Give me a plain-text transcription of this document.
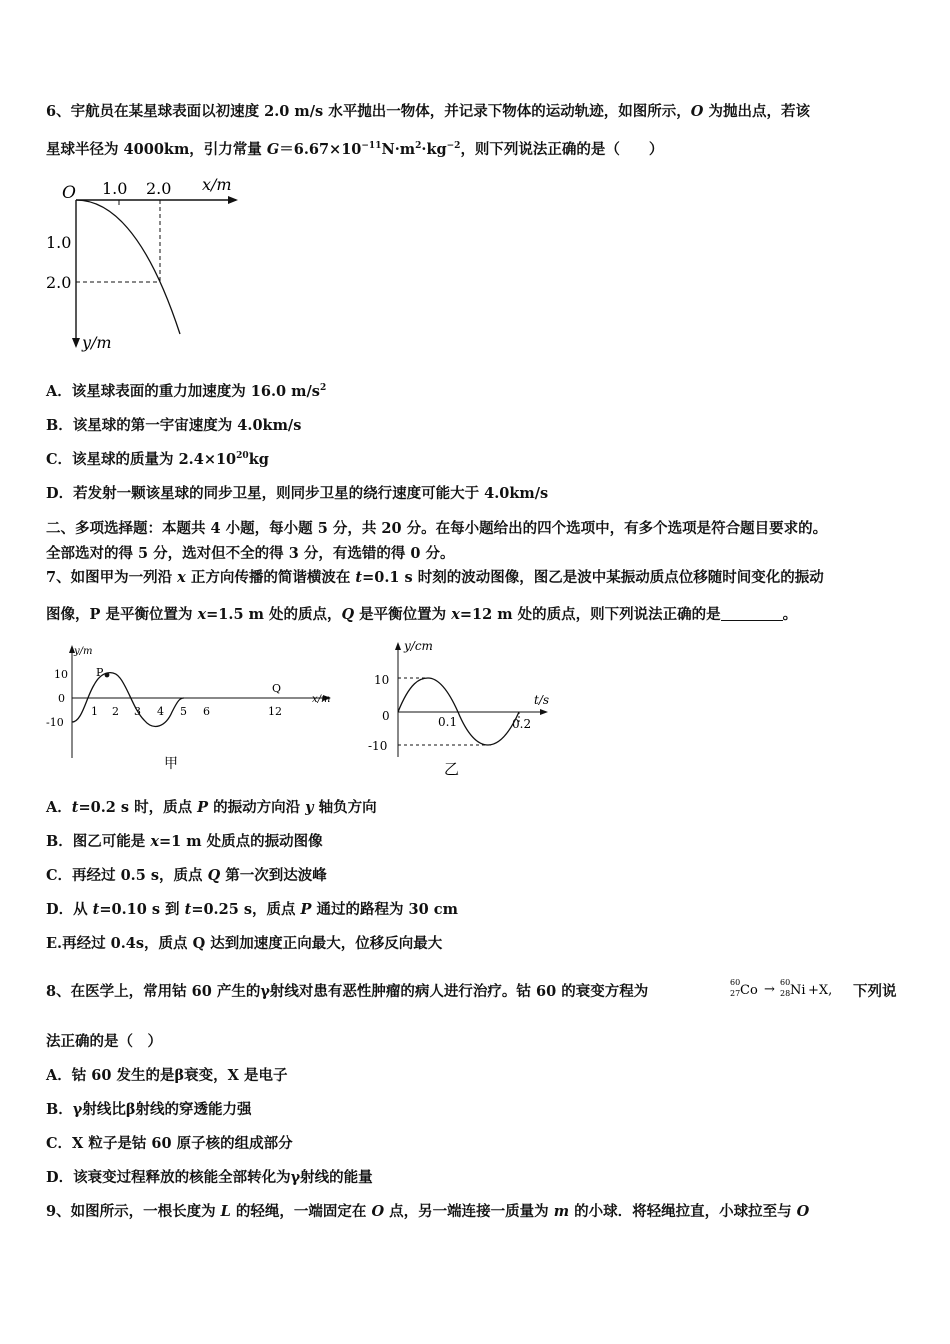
6、宇航员在某星球表面以初速度 2.0 m/s 水平抛出一物体，并记录下物体的运动轨迹，如图所示，O 为抛出点，若该
星球半径为 4000km，引力常量 $G=6.67\times 10^{-11}N\cdot m^2\cdot kg^{-2}$，则下列说法正确的是（　　）
O 1.0 2.0 x/m
1.0
2.0
y/m
A．该星球表面的重力加速度为 16.0 $m/s^2$
B．该星球的第一宇宙速度为 4.0km/s
C．该星球的质量为 $2.4\times 10^{20}kg$
D．若发射一颗该星球的同步卫星，则同步卫星的绕行速度可能大于 4.0km/s
二、多项选择题：本题共 4 小题，每小题 5 分，共 20 分。在每小题给出的四个选项中，有多个选项是符合题目要求的。
全部选对的得 5 分，选对但不全的得 3 分，有选错的得 0 分。
7、如图甲为一列沿 x 正方向传播的简谐横波在 t=0.1 s 时刻的波动图像，图乙是波中某振动质点位移随时间变化的振动
图像，P 是平衡位置为 x=1.5 m 处的质点，Q 是平衡位置为 x=12 m 处的质点，则下列说法正确的是	。
y/m
x/m
10
0
-10
1 2 3 4 5 6	12
P
Q
甲
y/cm
t/s
10
0
-10
0.1	0.2
乙
A．t=0.2 s 时，质点 P 的振动方向沿 y 轴负方向
B．图乙可能是 x=1 m 处质点的振动图像
C．再经过 0.5 s，质点 Q 第一次到达波峰
D．从 t=0.10 s 到 t=0.25 s，质点 P 通过的路程为 30 cm
E.再经过 0.4s，质点 Q 达到加速度正向最大，位移反向最大
8、在医学上，常用钴 60 产生的γ射线对患有恶性肿瘤的病人进行治疗。钴 60 的衰变方程为
60
27 Co → 60
28 Ni +X, 下列说
法正确的是（　）
A．钴 60 发生的是β衰变，X 是电子
B．γ射线比β射线的穿透能力强
C．X 粒子是钴 60 原子核的组成部分
D．该衰变过程释放的核能全部转化为γ射线的能量
9、如图所示，一根长度为 L 的轻绳，一端固定在 O 点，另一端连接一质量为 m 的小球．将轻绳拉直，小球拉至与 O
